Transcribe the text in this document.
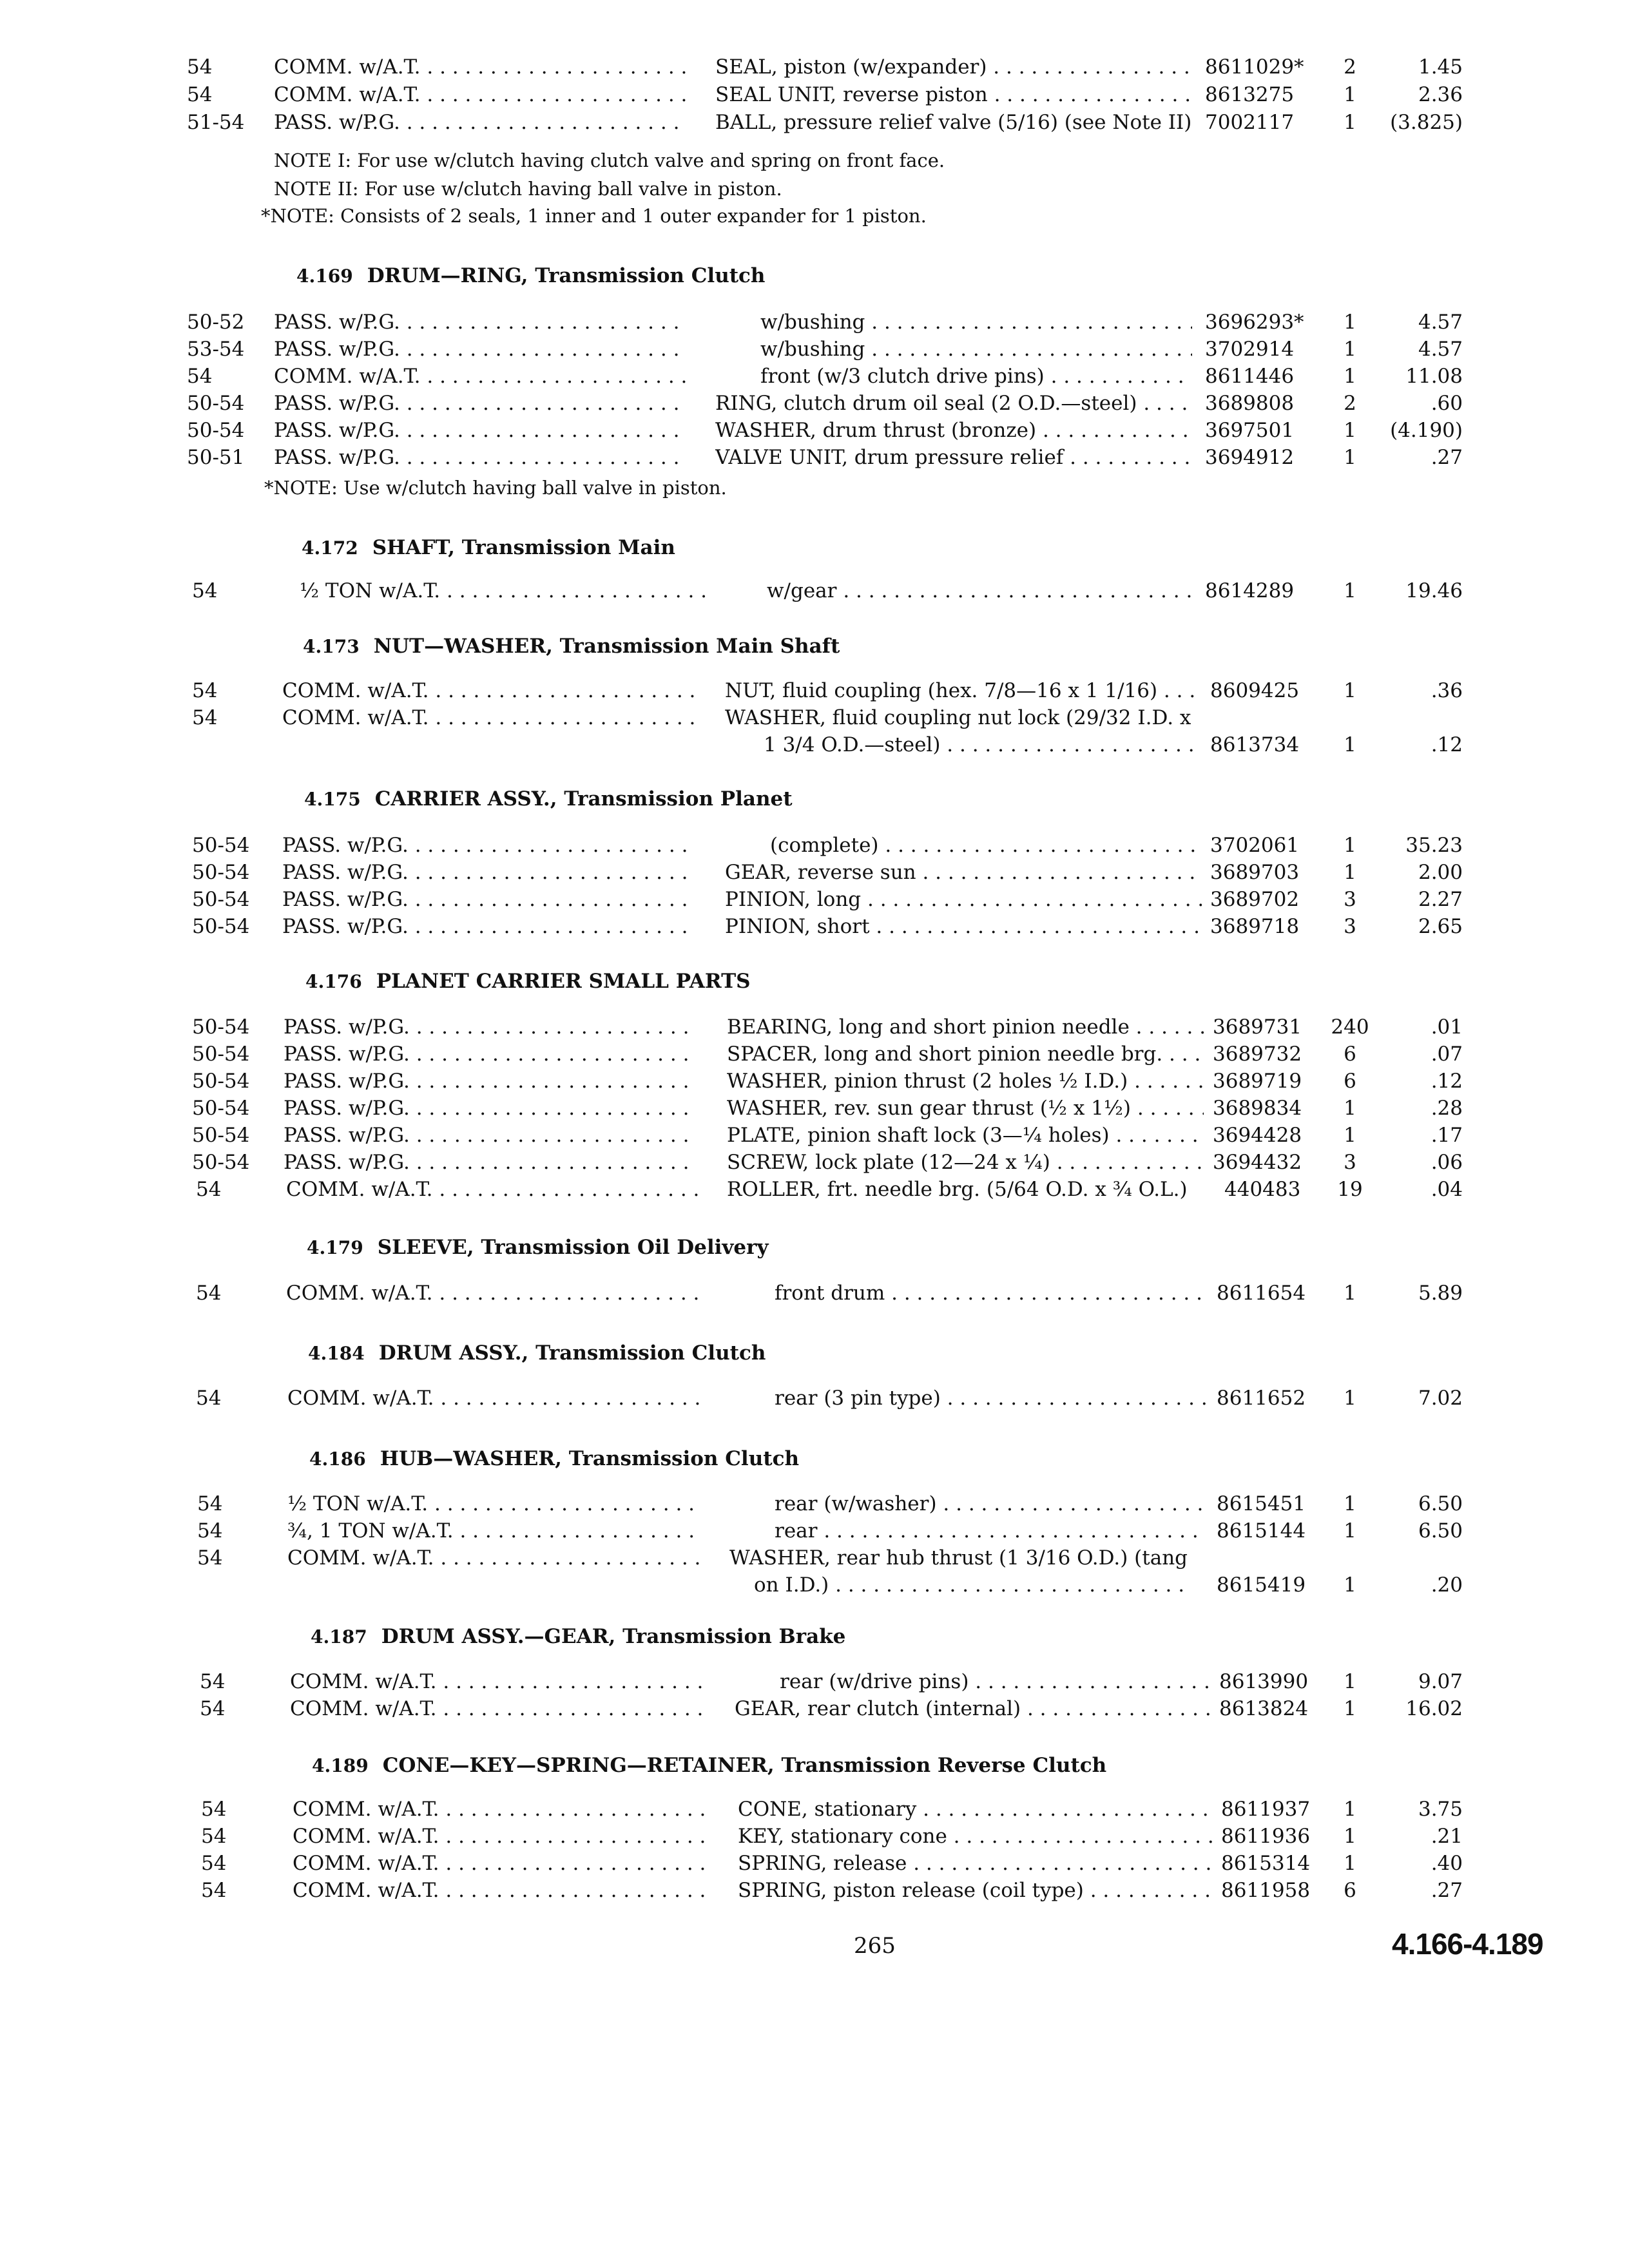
54	COMM. w/A.T. . . .	SEAL, piston (w/expander) . . .	8611029*	2	1.45
54	COMM. w/A.T. . . .	SEAL UNIT, reverse piston . . .	8613275	1	2.36
51-54 PASS. w/P.G. . . .	BALL, pressure relief valve (5/16) (see Note II) 7002117	1	(3.825)
NOTE I: For use w/clutch having clutch valve and spring on front face.
NOTE II: For use w/clutch having ball valve in piston.
*NOTE: Consists of 2 seals, 1 inner and 1 outer expander for 1 piston.
4.169 DRUM—RING, Transmission Clutch
50-52 PASS. w/P.G. . . .	w/bushing . . .	3696293*	1	4.57
53-54 PASS. w/P.G. . . .	w/bushing . . .	3702914	1	4.57
54	COMM. w/A.T. . . .	front (w/3 clutch drive pins) . . .	8611446	1	11.08
50-54 PASS. w/P.G. . . .	RING, clutch drum oil seal (2 O.D.—steel) . . .	3689808	2	.60
50-54 PASS. w/P.G. . . .	WASHER, drum thrust (bronze) . . .	3697501	1	(4.190)
50-51 PASS. w/P.G. . . .	VALVE UNIT, drum pressure relief . . .	3694912	1	.27
*NOTE: Use w/clutch having ball valve in piston.
4.172 SHAFT, Transmission Main
54	½ TON w/A.T. . . .	w/gear . . .	8614289	1	19.46
4.173 NUT—WASHER, Transmission Main Shaft
54	COMM. w/A.T. . . .	NUT, fluid coupling (hex. 7/8—16 x 1 1/16) . . .	8609425	1	.36
54	COMM. w/A.T. . . .	WASHER, fluid coupling nut lock (29/32 I.D. x
1 3/4 O.D.—steel) . . .	8613734	1	.12
4.175 CARRIER ASSY., Transmission Planet
50-54 PASS. w/P.G. . . .	(complete) . . .	3702061	1	35.23
50-54 PASS. w/P.G. . . .	GEAR, reverse sun . . .	3689703	1	2.00
50-54 PASS. w/P.G. . . .	PINION, long . . .	3689702	3	2.27
50-54 PASS. w/P.G. . . .	PINION, short . . .	3689718	3	2.65
4.176 PLANET CARRIER SMALL PARTS
50-54 PASS. w/P.G. . . .	BEARING, long and short pinion needle . . .	3689731	240	.01
50-54 PASS. w/P.G. . . .	SPACER, long and short pinion needle brg. . . .	3689732	6	.07
50-54 PASS. w/P.G. . . .	WASHER, pinion thrust (2 holes ½ I.D.) . . .	3689719	6	.12
50-54 PASS. w/P.G. . . .	WASHER, rev. sun gear thrust (½ x 1½) . . .	3689834	1	.28
50-54 PASS. w/P.G. . . .	PLATE, pinion shaft lock (3—¼ holes) . . .	3694428	1	.17
50-54 PASS. w/P.G. . . .	SCREW, lock plate (12—24 x ¼) . . .	3694432	3	.06
54	COMM. w/A.T. . . .	ROLLER, frt. needle brg. (5/64 O.D. x ¾ O.L.)	440483	19	.04
4.179 SLEEVE, Transmission Oil Delivery
54	COMM. w/A.T. . . .	front drum . . .	8611654	1	5.89
4.184 DRUM ASSY., Transmission Clutch
54	COMM. w/A.T. . . .	rear (3 pin type) . . .	8611652	1	7.02
4.186 HUB—WASHER, Transmission Clutch
54	½ TON w/A.T. . . .	rear (w/washer) . . .	8615451	1	6.50
54	¾, 1 TON w/A.T. . . .	rear . . .	8615144	1	6.50
54	COMM. w/A.T. . . .	WASHER, rear hub thrust (1 3/16 O.D.) (tang
on I.D.) . . .	8615419	1	.20
4.187 DRUM ASSY.—GEAR, Transmission Brake
54	COMM. w/A.T. . . .	rear (w/drive pins) . . .	8613990	1	9.07
54	COMM. w/A.T. . . .	GEAR, rear clutch (internal) . . .	8613824	1	16.02
4.189 CONE—KEY—SPRING—RETAINER, Transmission Reverse Clutch
54	COMM. w/A.T. . . .	CONE, stationary . . .	8611937	1	3.75
54	COMM. w/A.T. . . .	KEY, stationary cone . . .	8611936	1	.21
54	COMM. w/A.T. . . .	SPRING, release . . .	8615314	1	.40
54	COMM. w/A.T. . . .	SPRING, piston release (coil type) . . .	8611958	6	.27
265	4.166-4.189
